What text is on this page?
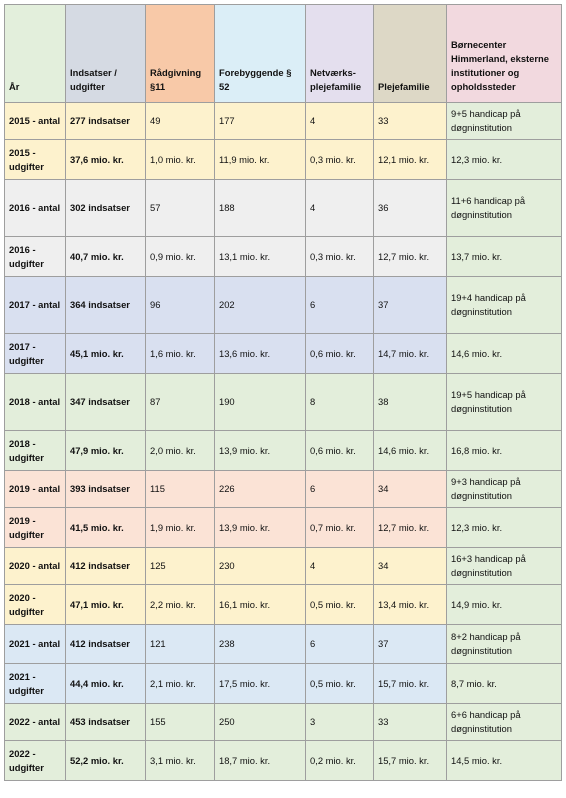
År	Indsatser / udgifter	Rådgivning §11	Forebyggende § 52	Netværks-plejefamilie	Plejefamilie	Børnecenter Himmerland, eksterne institutioner og opholdssteder
2015 - antal	277 indsatser	49	177	4	33	9+5 handicap på døgninstitution
2015 - udgifter	37,6 mio. kr.	1,0 mio. kr.	11,9 mio. kr.	0,3 mio. kr.	12,1 mio. kr.	12,3 mio. kr.
2016 - antal	302 indsatser	57	188	4	36	11+6 handicap på døgninstitution
2016 - udgifter	40,7 mio. kr.	0,9 mio. kr.	13,1 mio. kr.	0,3 mio. kr.	12,7 mio. kr.	13,7 mio. kr.
2017 - antal	364 indsatser	96	202	6	37	19+4 handicap på døgninstitution
2017 - udgifter	45,1 mio. kr.	1,6 mio. kr.	13,6 mio. kr.	0,6 mio. kr.	14,7 mio. kr.	14,6 mio. kr.
2018 - antal	347 indsatser	87	190	8	38	19+5 handicap på døgninstitution
2018 - udgifter	47,9 mio. kr.	2,0 mio. kr.	13,9 mio. kr.	0,6 mio. kr.	14,6 mio. kr.	16,8 mio. kr.
2019 - antal	393 indsatser	115	226	6	34	9+3 handicap på døgninstitution
2019 - udgifter	41,5 mio. kr.	1,9 mio. kr.	13,9 mio. kr.	0,7 mio. kr.	12,7 mio. kr.	12,3 mio. kr.
2020 - antal	412 indsatser	125	230	4	34	16+3 handicap på døgninstitution
2020 - udgifter	47,1 mio. kr.	2,2 mio. kr.	16,1 mio. kr.	0,5 mio. kr.	13,4 mio. kr.	14,9 mio. kr.
2021 - antal	412 indsatser	121	238	6	37	8+2 handicap på døgninstitution
2021 - udgifter	44,4 mio. kr.	2,1 mio. kr.	17,5 mio. kr.	0,5 mio. kr.	15,7 mio. kr.	8,7 mio. kr.
2022 - antal	453 indsatser	155	250	3	33	6+6 handicap på døgninstitution
2022 - udgifter	52,2 mio. kr.	3,1 mio. kr.	18,7 mio. kr.	0,2 mio. kr.	15,7 mio. kr.	14,5 mio. kr.
